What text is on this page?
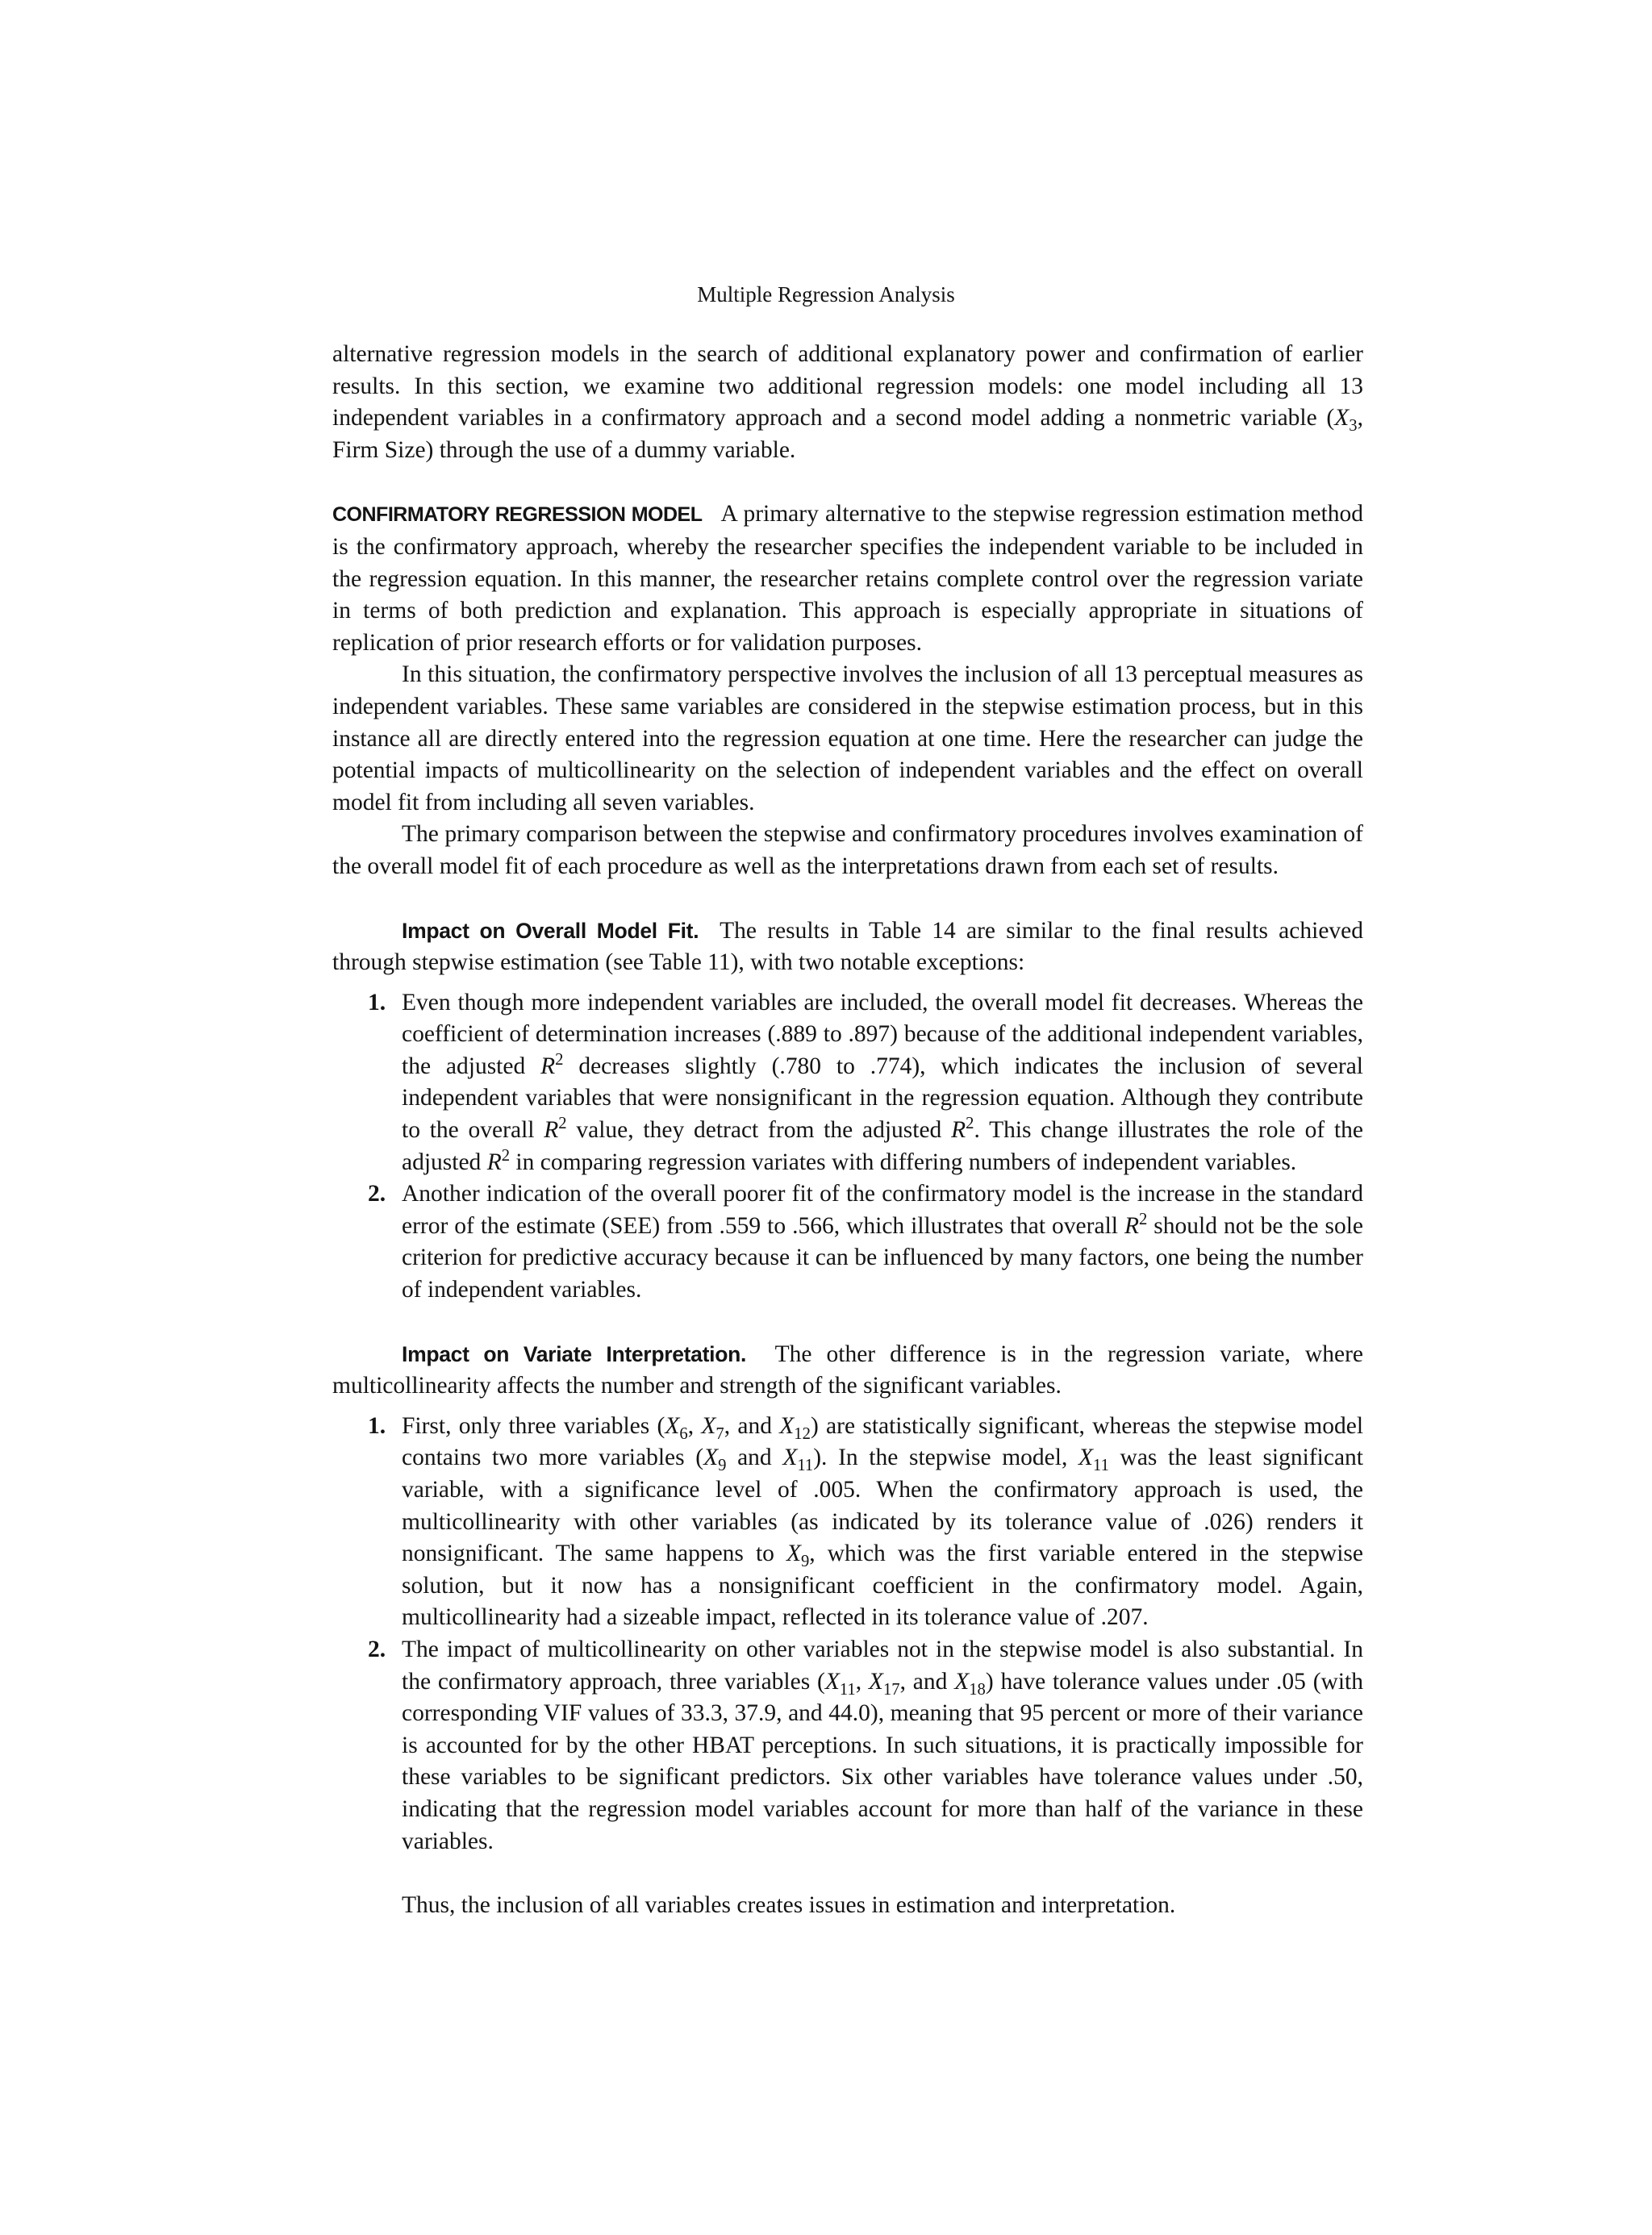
Multiple Regression Analysis

alternative regression models in the search of additional explanatory power and confirmation of earlier results. In this section, we examine two additional regression models: one model including all 13 independent variables in a confirmatory approach and a second model adding a nonmetric variable ($X_3$, Firm Size) through the use of a dummy variable.

CONFIRMATORY REGRESSION MODEL A primary alternative to the stepwise regression estimation method is the confirmatory approach, whereby the researcher specifies the independent variable to be included in the regression equation. In this manner, the researcher retains complete control over the regression variate in terms of both prediction and explanation. This approach is especially appropriate in situations of replication of prior research efforts or for validation purposes.

In this situation, the confirmatory perspective involves the inclusion of all 13 perceptual measures as independent variables. These same variables are considered in the stepwise estimation process, but in this instance all are directly entered into the regression equation at one time. Here the researcher can judge the potential impacts of multicollinearity on the selection of independent variables and the effect on overall model fit from including all seven variables.

The primary comparison between the stepwise and confirmatory procedures involves examination of the overall model fit of each procedure as well as the interpretations drawn from each set of results.

Impact on Overall Model Fit. The results in Table 14 are similar to the final results achieved through stepwise estimation (see Table 11), with two notable exceptions:

1. Even though more independent variables are included, the overall model fit decreases. Whereas the coefficient of determination increases (.889 to .897) because of the additional independent variables, the adjusted $R^2$ decreases slightly (.780 to .774), which indicates the inclusion of several independent variables that were nonsignificant in the regression equation. Although they contribute to the overall $R^2$ value, they detract from the adjusted $R^2$. This change illustrates the role of the adjusted $R^2$ in comparing regression variates with differing numbers of independent variables.
2. Another indication of the overall poorer fit of the confirmatory model is the increase in the standard error of the estimate (SEE) from .559 to .566, which illustrates that overall $R^2$ should not be the sole criterion for predictive accuracy because it can be influenced by many factors, one being the number of independent variables.

Impact on Variate Interpretation. The other difference is in the regression variate, where multicollinearity affects the number and strength of the significant variables.

1. First, only three variables ($X_6$, $X_7$, and $X_{12}$) are statistically significant, whereas the stepwise model contains two more variables ($X_9$ and $X_{11}$). In the stepwise model, $X_{11}$ was the least significant variable, with a significance level of .005. When the confirmatory approach is used, the multicollinearity with other variables (as indicated by its tolerance value of .026) renders it nonsignificant. The same happens to $X_9$, which was the first variable entered in the stepwise solution, but it now has a nonsignificant coefficient in the confirmatory model. Again, multicollinearity had a sizeable impact, reflected in its tolerance value of .207.
2. The impact of multicollinearity on other variables not in the stepwise model is also substantial. In the confirmatory approach, three variables ($X_{11}$, $X_{17}$, and $X_{18}$) have tolerance values under .05 (with corresponding VIF values of 33.3, 37.9, and 44.0), meaning that 95 percent or more of their variance is accounted for by the other HBAT perceptions. In such situations, it is practically impossible for these variables to be significant predictors. Six other variables have tolerance values under .50, indicating that the regression model variables account for more than half of the variance in these variables.

Thus, the inclusion of all variables creates issues in estimation and interpretation.
